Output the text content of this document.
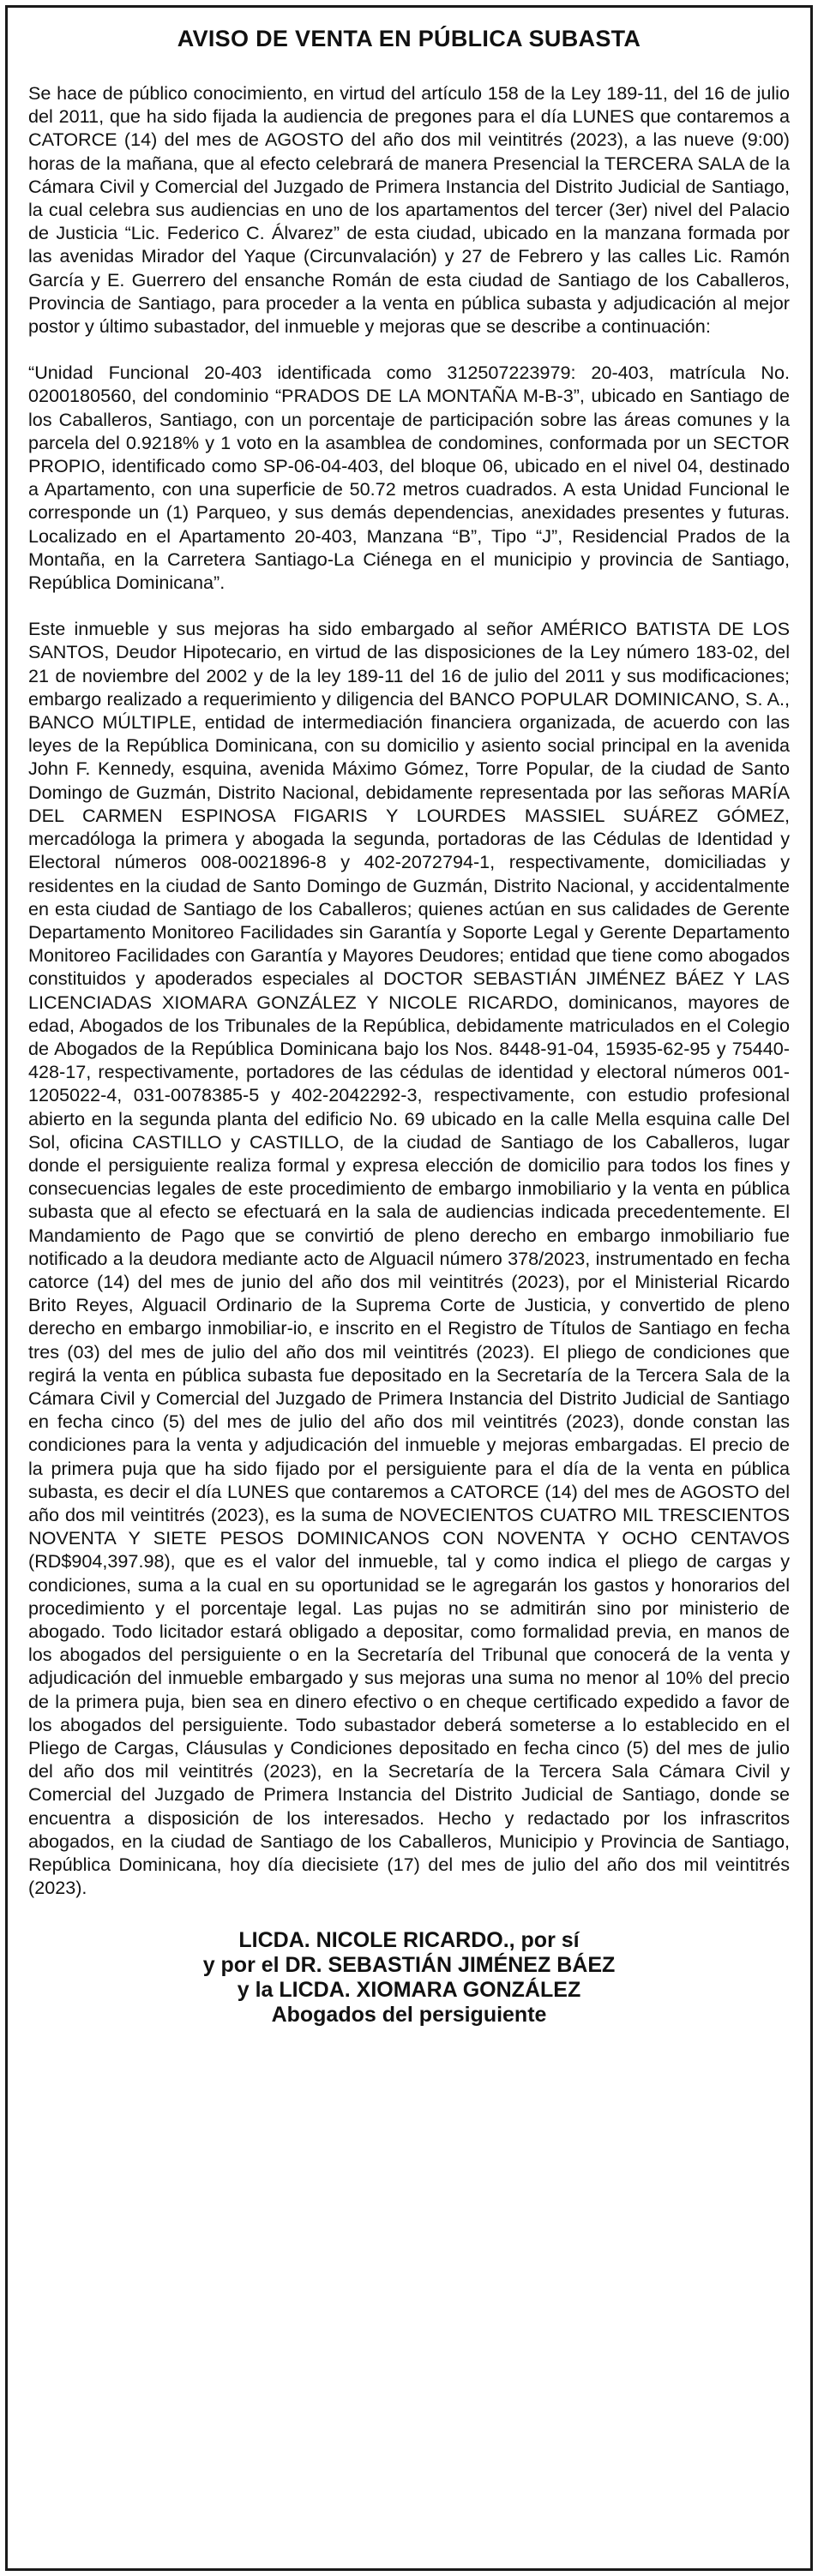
AVISO DE VENTA EN PÚBLICA SUBASTA

Se hace de público conocimiento, en virtud del artículo 158 de la Ley 189-11, del 16 de julio del 2011, que ha sido fijada la audiencia de pregones para el día LUNES que contaremos a CATORCE (14) del mes de AGOSTO del año dos mil veintitrés (2023), a las nueve (9:00) horas de la mañana, que al efecto celebrará de manera Presencial la TERCERA SALA de la Cámara Civil y Comercial del Juzgado de Primera Instancia del Distrito Judicial de Santiago, la cual celebra sus audiencias en uno de los apartamentos del tercer (3er) nivel del Palacio de Justicia “Lic. Federico C. Álvarez” de esta ciudad, ubicado en la manzana formada por las avenidas Mirador del Yaque (Circunvalación) y 27 de Febrero y las calles Lic. Ramón García y E. Guerrero del ensanche Román de esta ciudad de Santiago de los Caballeros, Provincia de Santiago, para proceder a la venta en pública subasta y adjudicación al mejor postor y último subastador, del inmueble y mejoras que se describe a continuación:

“Unidad Funcional 20-403 identificada como 312507223979: 20-403, matrícula No. 0200180560, del condominio “PRADOS DE LA MONTAÑA M-B-3”, ubicado en Santiago de los Caballeros, Santiago, con un porcentaje de participación sobre las áreas comunes y la parcela del 0.9218% y 1 voto en la asamblea de condomines, conformada por un SECTOR PROPIO, identificado como SP-06-04-403, del bloque 06, ubicado en el nivel 04, destinado a Apartamento, con una superficie de 50.72 metros cuadrados. A esta Unidad Funcional le corresponde un (1) Parqueo, y sus demás dependencias, anexidades presentes y futuras. Localizado en el Apartamento 20-403, Manzana “B”, Tipo “J”, Residencial Prados de la Montaña, en la Carretera Santiago-La Ciénega en el municipio y provincia de Santiago, República Dominicana”.

Este inmueble y sus mejoras ha sido embargado al señor AMÉRICO BATISTA DE LOS SANTOS, Deudor Hipotecario, en virtud de las disposiciones de la Ley número 183-02, del 21 de noviembre del 2002 y de la ley 189-11 del 16 de julio del 2011 y sus modificaciones; embargo realizado a requerimiento y diligencia del BANCO POPULAR DOMINICANO, S. A., BANCO MÚLTIPLE, entidad de intermediación financiera organizada, de acuerdo con las leyes de la República Dominicana, con su domicilio y asiento social principal en la avenida John F. Kennedy, esquina, avenida Máximo Gómez, Torre Popular, de la ciudad de Santo Domingo de Guzmán, Distrito Nacional, debidamente representada por las señoras MARÍA DEL CARMEN ESPINOSA FIGARIS Y LOURDES MASSIEL SUÁREZ GÓMEZ, mercadóloga la primera y abogada la segunda, portadoras de las Cédulas de Identidad y Electoral números 008-0021896-8 y 402-2072794-1, respectivamente, domiciliadas y residentes en la ciudad de Santo Domingo de Guzmán, Distrito Nacional, y accidentalmente en esta ciudad de Santiago de los Caballeros; quienes actúan en sus calidades de Gerente Departamento Monitoreo Facilidades sin Garantía y Soporte Legal y Gerente Departamento Monitoreo Facilidades con Garantía y Mayores Deudores; entidad que tiene como abogados constituidos y apoderados especiales al DOCTOR SEBASTIÁN JIMÉNEZ BÁEZ Y LAS LICENCIADAS XIOMARA GONZÁLEZ Y NICOLE RICARDO, dominicanos, mayores de edad, Abogados de los Tribunales de la República, debidamente matriculados en el Colegio de Abogados de la República Dominicana bajo los Nos. 8448-91-04, 15935-62-95 y 75440-428-17, respectivamente, portadores de las cédulas de identidad y electoral números 001-1205022-4, 031-0078385-5 y 402-2042292-3, respectivamente, con estudio profesional abierto en la segunda planta del edificio No. 69 ubicado en la calle Mella esquina calle Del Sol, oficina CASTILLO y CASTILLO, de la ciudad de Santiago de los Caballeros, lugar donde el persiguiente realiza formal y expresa elección de domicilio para todos los fines y consecuencias legales de este procedimiento de embargo inmobiliario y la venta en pública subasta que al efecto se efectuará en la sala de audiencias indicada precedentemente. El Mandamiento de Pago que se convirtió de pleno derecho en embargo inmobiliario fue notificado a la deudora mediante acto de Alguacil número 378/2023, instrumentado en fecha catorce (14) del mes de junio del año dos mil veintitrés (2023), por el Ministerial Ricardo Brito Reyes, Alguacil Ordinario de la Suprema Corte de Justicia, y convertido de pleno derecho en embargo inmobiliar-io, e inscrito en el Registro de Títulos de Santiago en fecha tres (03) del mes de julio del año dos mil veintitrés (2023). El pliego de condiciones que regirá la venta en pública subasta fue depositado en la Secretaría de la Tercera Sala de la Cámara Civil y Comercial del Juzgado de Primera Instancia del Distrito Judicial de Santiago en fecha cinco (5) del mes de julio del año dos mil veintitrés (2023), donde constan las condiciones para la venta y adjudicación del inmueble y mejoras embargadas. El precio de la primera puja que ha sido fijado por el persiguiente para el día de la venta en pública subasta, es decir el día LUNES que contaremos a CATORCE (14) del mes de AGOSTO del año dos mil veintitrés (2023), es la suma de NOVECIENTOS CUATRO MIL TRESCIENTOS NOVENTA Y SIETE PESOS DOMINICANOS CON NOVENTA Y OCHO CENTAVOS (RD$904,397.98), que es el valor del inmueble, tal y como indica el pliego de cargas y condiciones, suma a la cual en su oportunidad se le agregarán los gastos y honorarios del procedimiento y el porcentaje legal. Las pujas no se admitirán sino por ministerio de abogado. Todo licitador estará obligado a depositar, como formalidad previa, en manos de los abogados del persiguiente o en la Secretaría del Tribunal que conocerá de la venta y adjudicación del inmueble embargado y sus mejoras una suma no menor al 10% del precio de la primera puja, bien sea en dinero efectivo o en cheque certificado expedido a favor de los abogados del persiguiente. Todo subastador deberá someterse a lo establecido en el Pliego de Cargas, Cláusulas y Condiciones depositado en fecha cinco (5) del mes de julio del año dos mil veintitrés (2023), en la Secretaría de la Tercera Sala Cámara Civil y Comercial del Juzgado de Primera Instancia del Distrito Judicial de Santiago, donde se encuentra a disposición de los interesados. Hecho y redactado por los infrascritos abogados, en la ciudad de Santiago de los Caballeros, Municipio y Provincia de Santiago, República Dominicana, hoy día diecisiete (17) del mes de julio del año dos mil veintitrés (2023).

LICDA. NICOLE RICARDO., por sí
y por el DR. SEBASTIÁN JIMÉNEZ BÁEZ
y la LICDA. XIOMARA GONZÁLEZ
Abogados del persiguiente
